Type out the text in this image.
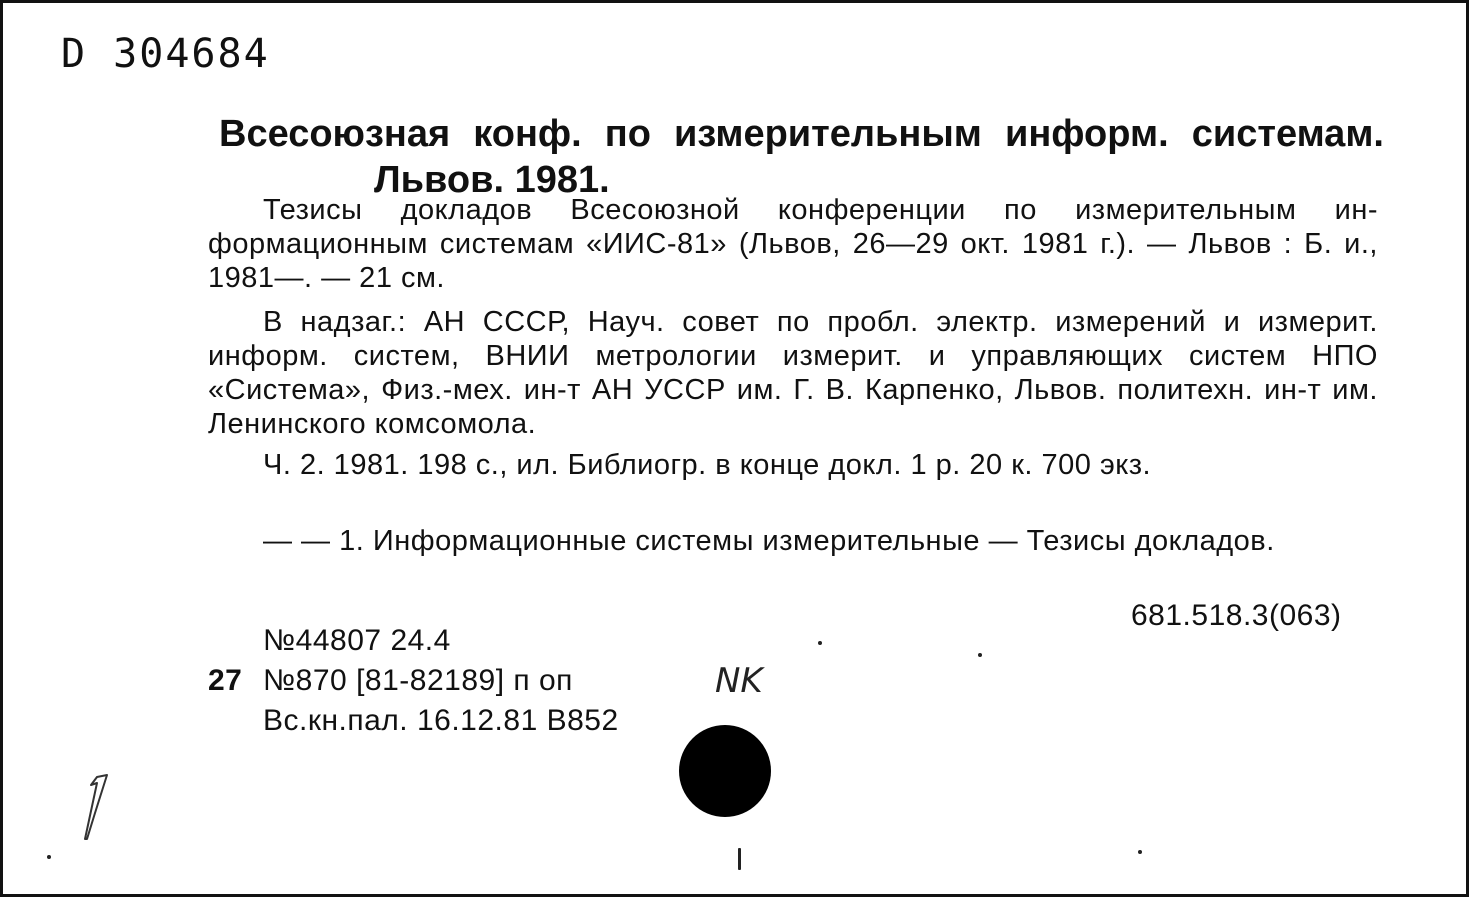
D 304684
Всесоюзная конф. по измерительным информ. системам.
Львов. 1981.
Тезисы докладов Всесоюзной конференции по измерительным ин-формационным системам «ИИС-81» (Львов, 26—29 окт. 1981 г.). — Львов : Б. и., 1981—. — 21 см.
В надзаг.: АН СССР, Науч. совет по пробл. электр. измерений и измерит. информ. систем, ВНИИ метрологии измерит. и управляющих систем НПО «Система», Физ.-мех. ин-т АН УССР им. Г. В. Карпенко, Львов. политехн. ин-т им. Ленинского комсомола.
Ч. 2. 1981. 198 с., ил. Библиогр. в конце докл. 1 р. 20 к. 700 экз.
— — 1. Информационные системы измерительные — Тезисы докладов.
681.518.3(063)
№44807 24.4
27 №870 [81-82189] п оп
Вс.кн.пал. 16.12.81 В852
NK
